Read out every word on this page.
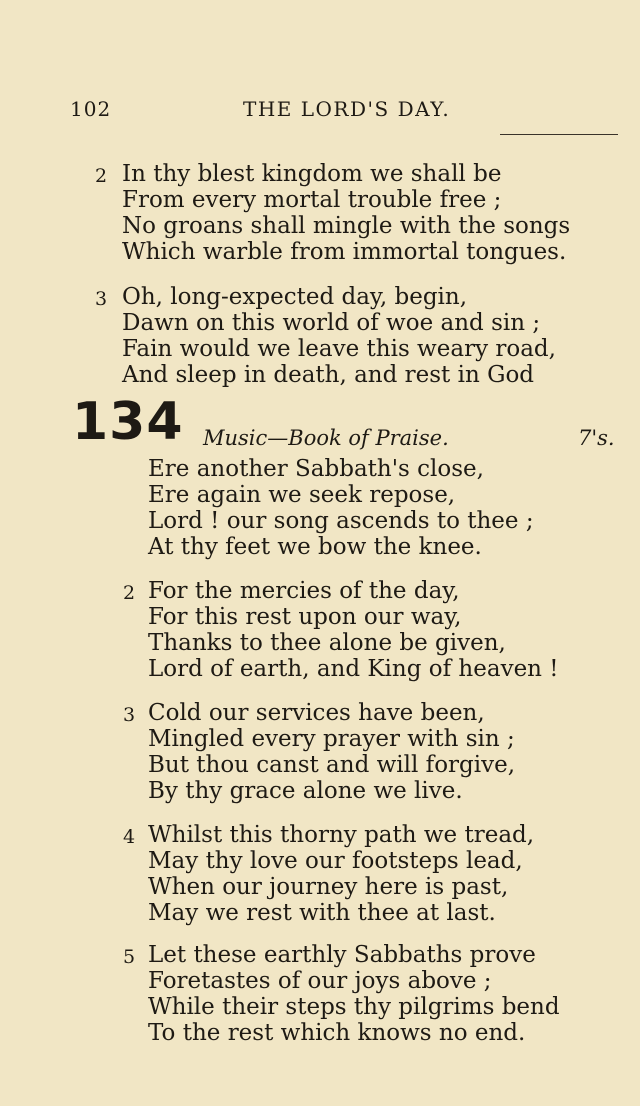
102	THE LORD'S DAY.
2 In thy blest kingdom we shall be
From every mortal trouble free ;
No groans shall mingle with the songs
Which warble from immortal tongues.
3 Oh, long-expected day, begin,
Dawn on this world of woe and sin ;
Fain would we leave this weary road,
And sleep in death, and rest in God
134 Music—Book of Praise.	7's.
Ere another Sabbath's close,
Ere again we seek repose,
Lord ! our song ascends to thee ;
At thy feet we bow the knee.
2 For the mercies of the day,
For this rest upon our way,
Thanks to thee alone be given,
Lord of earth, and King of heaven !
3 Cold our services have been,
Mingled every prayer with sin ;
But thou canst and will forgive,
By thy grace alone we live.
4 Whilst this thorny path we tread,
May thy love our footsteps lead,
When our journey here is past,
May we rest with thee at last.
5 Let these earthly Sabbaths prove
Foretastes of our joys above ;
While their steps thy pilgrims bend
To the rest which knows no end.
